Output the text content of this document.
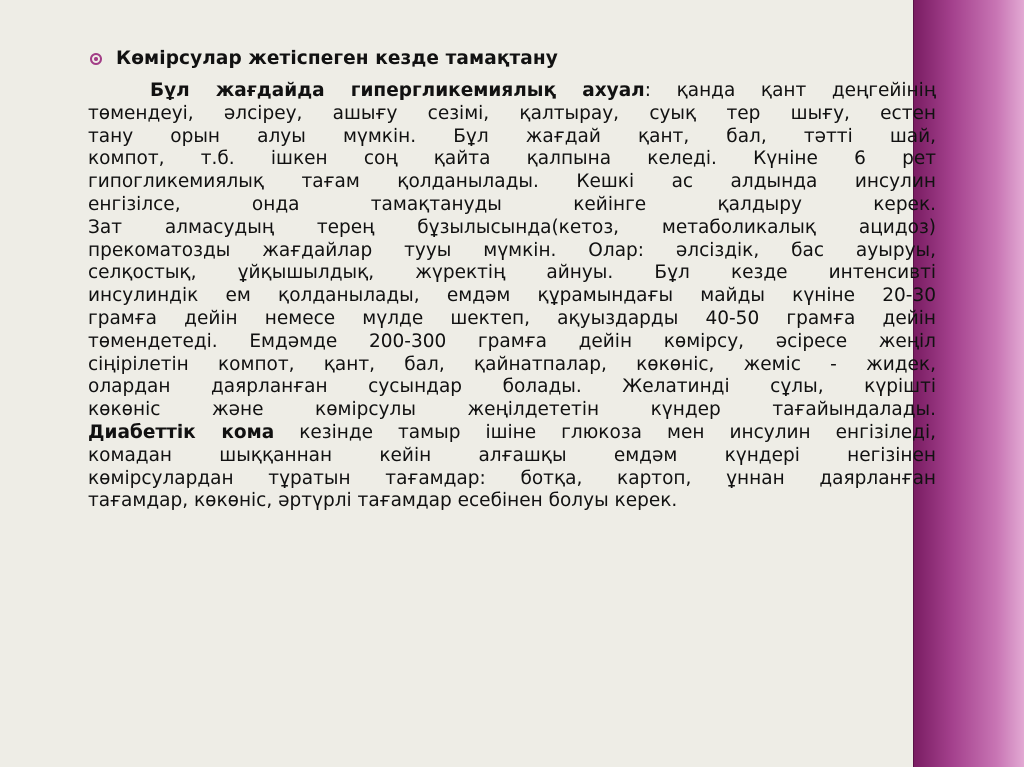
Көмірсулар жетіспеген кезде тамақтану
Бұл жағдайда гипергликемиялық ахуал: қанда қант деңгейінің
төмендеуі, әлсіреу, ашығу сезімі, қалтырау, суық тер шығу, естен
тану орын алуы мүмкін. Бұл жағдай қант, бал, тәтті шай,
компот, т.б. ішкен соң қайта қалпына келеді. Күніне 6 рет
гипогликемиялық тағам қолданылады. Кешкі ас алдында инсулин
енгізілсе, онда тамақтануды кейінге қалдыру керек.
Зат алмасудың терең бұзылысында(кетоз, метаболикалық ацидоз)
прекоматозды жағдайлар тууы мүмкін. Олар: әлсіздік, бас ауыруы,
селқостық, ұйқышылдық, жүректің айнуы. Бұл кезде интенсивті
инсулиндік ем қолданылады, емдәм құрамындағы майды күніне 20-30
грамға дейін немесе мүлде шектеп, ақуыздарды 40-50 грамға дейін
төмендетеді. Емдәмде 200-300 грамға дейін көмірсу, әсіресе жеңіл
сіңірілетін компот, қант, бал, қайнатпалар, көкөніс, жеміс - жидек,
олардан даярланған сусындар болады. Желатинді сұлы, күрішті
көкөніс және көмірсулы жеңілдететін күндер тағайындалады.
Диабеттік кома кезінде тамыр ішіне глюкоза мен инсулин енгізіледі,
комадан шыққаннан кейін алғашқы емдәм күндері негізінен
көмірсулардан тұратын тағамдар: ботқа, картоп, ұннан даярланған
тағамдар, көкөніс, әртүрлі тағамдар есебінен болуы керек.
